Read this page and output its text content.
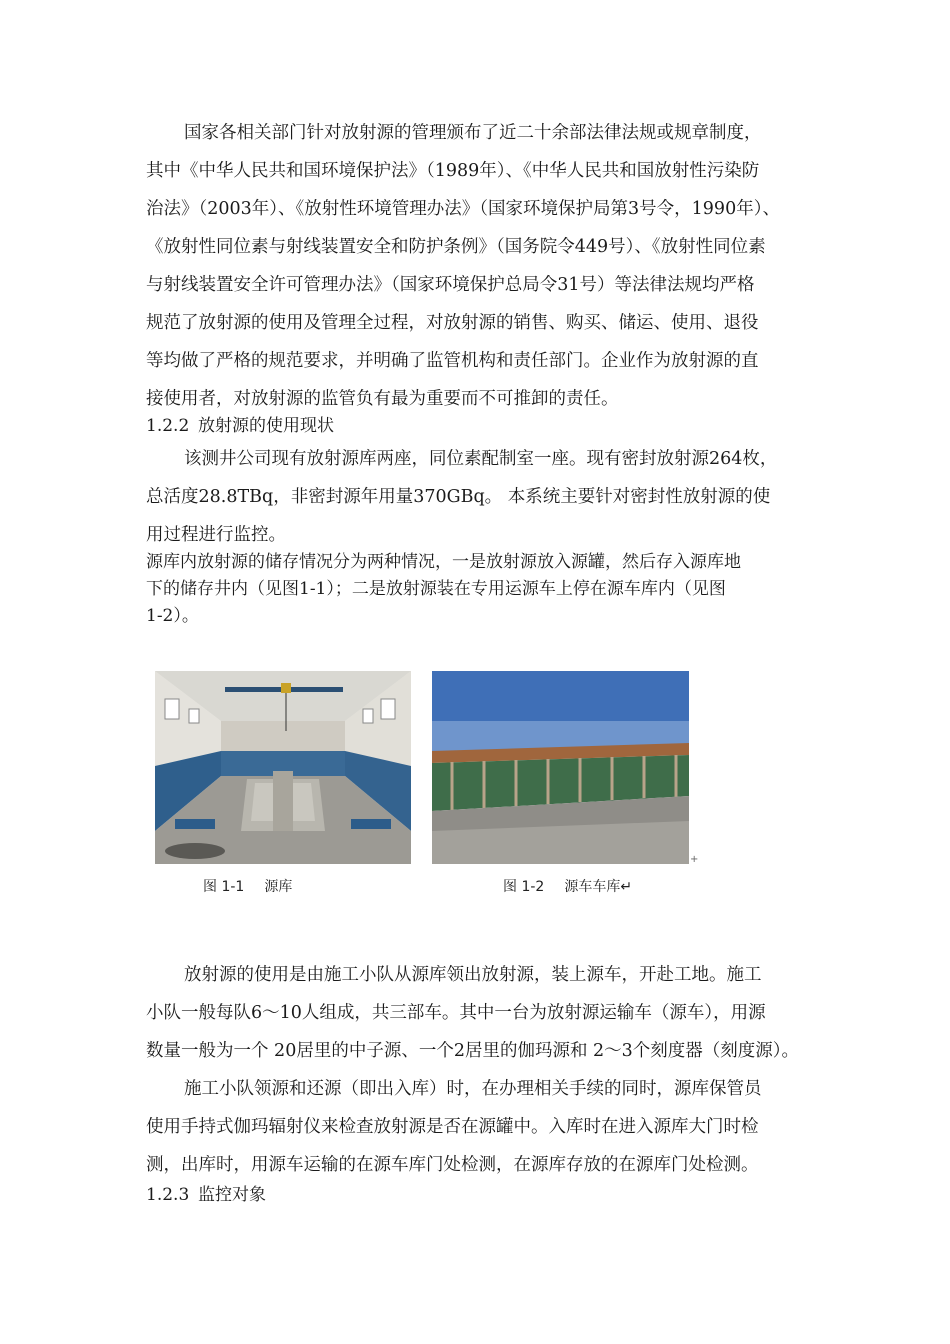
国家各相关部门针对放射源的管理颁布了近二十余部法律法规或规章制度，
其中《中华人民共和国环境保护法》（1989年）、《中华人民共和国放射性污染防
治法》（2003年）、《放射性环境管理办法》（国家环境保护局第3号令，1990年）、
《放射性同位素与射线装置安全和防护条例》（国务院令449号）、《放射性同位素
与射线装置安全许可管理办法》（国家环境保护总局令31号）等法律法规均严格
规范了放射源的使用及管理全过程，对放射源的销售、购买、储运、使用、退役
等均做了严格的规范要求，并明确了监管机构和责任部门。企业作为放射源的直
接使用者，对放射源的监管负有最为重要而不可推卸的责任。
1.2.2 放射源的使用现状
该测井公司现有放射源库两座，同位素配制室一座。现有密封放射源264枚，
总活度28.8TBq，非密封源年用量370GBq。 本系统主要针对密封性放射源的使
用过程进行监控。
源库内放射源的储存情况分为两种情况，一是放射源放入源罐，然后存入源库地
下的储存井内（见图1-1）；二是放射源装在专用运源车上停在源车库内（见图
1-2）。
+
图 1-1 源库	图 1-2 源车车库↵
放射源的使用是由施工小队从源库领出放射源，装上源车，开赴工地。施工
小队一般每队6～10人组成，共三部车。其中一台为放射源运输车（源车），用源
数量一般为一个 20居里的中子源、一个2居里的伽玛源和 2～3个刻度器（刻度源）。
施工小队领源和还源（即出入库）时，在办理相关手续的同时，源库保管员
使用手持式伽玛辐射仪来检查放射源是否在源罐中。入库时在进入源库大门时检
测，出库时，用源车运输的在源车库门处检测，在源库存放的在源库门处检测。
1.2.3 监控对象
